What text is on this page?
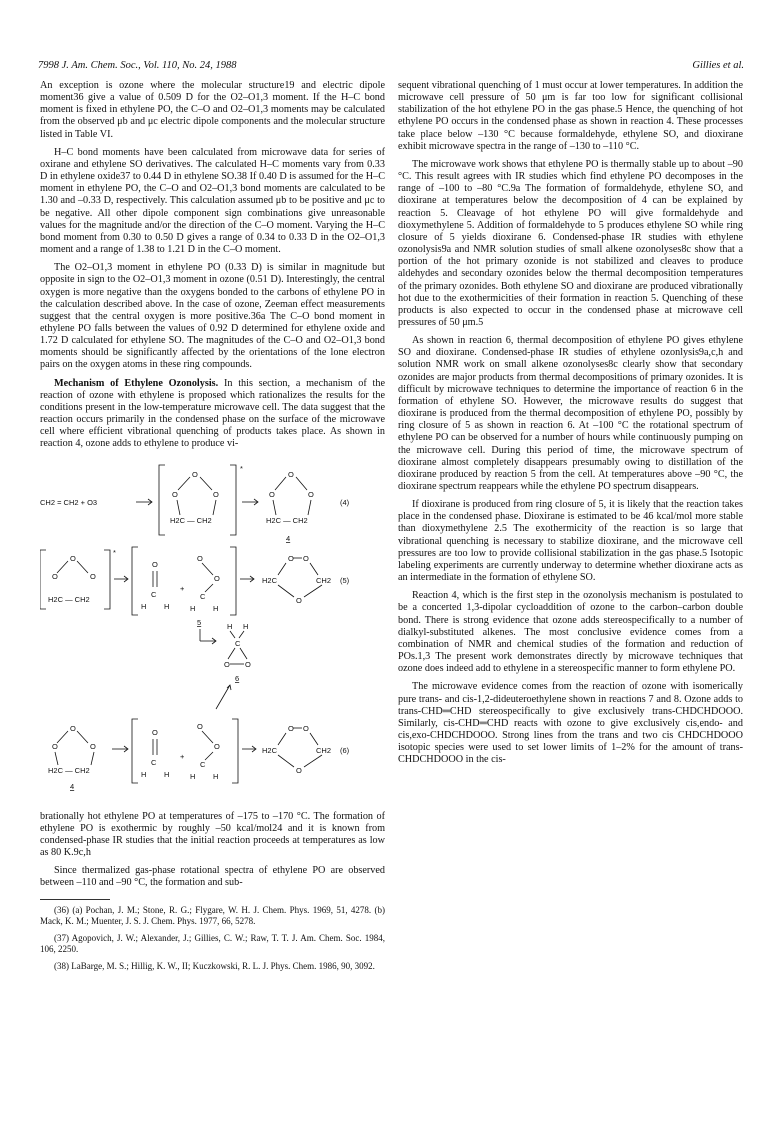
7998 J. Am. Chem. Soc., Vol. 110, No. 24, 1988	Gillies et al.

An exception is ozone where the molecular structure19 and electric dipole moment36 give a value of 0.509 D for the O2–O1,3 moment. If the H–C bond moment is fixed in ethylene PO, the C–O and O2–O1,3 moments may be calculated from the observed μb and μc electric dipole components and the molecular structure listed in Table VI.

H–C bond moments have been calculated from microwave data for series of oxirane and ethylene SO derivatives. The calculated H–C moments vary from 0.33 D in ethylene oxide37 to 0.44 D in ethylene SO.38 If 0.40 D is assumed for the H–C moment in ethylene PO, the C–O and O2–O1,3 bond moments are calculated to be 1.30 and –0.33 D, respectively. This calculation assumed μb to be positive and μc to be negative. All other dipole component sign combinations give unreasonable values for the magnitude and/or the direction of the C–O moment. Varying the H–C bond moment from 0.30 to 0.50 D gives a range of 0.34 to 0.33 D in the O2–O1,3 moment and a range of 1.38 to 1.21 D in the C–O moment.

The O2–O1,3 moment in ethylene PO (0.33 D) is similar in magnitude but opposite in sign to the O2–O1,3 moment in ozone (0.51 D). Interestingly, the central oxygen is more negative than the oxygens bonded to the carbons of ethylene PO in the calculation described above. In the case of ozone, Zeeman effect measurements suggest that the central oxygen is more positive.36a The C–O bond moment in ethylene PO falls between the values of 0.92 D determined for ethylene oxide and 1.72 D calculated for ethylene SO. The magnitudes of the C–O and O2–O1,3 bond moments should be significantly affected by the orientations of the lone electron pairs on the oxygen atoms in these ring compounds.

Mechanism of Ethylene Ozonolysis. In this section, a mechanism of the reaction of ozone with ethylene is proposed which rationalizes the results for the conditions present in the low-temperature microwave cell. The data suggest that the reaction occurs primarily in the condensed phase on the surface of the microwave cell where efficient vibrational quenching of products takes place. As shown in reaction 4, ozone adds to ethylene to produce vi-

CH2 = CH2 + O3
*
O
O	O
H2C — CH2
O
O	O
H2C — CH2
4
(4)
*
O
O	O
H2C — CH2
O
C
H H
+
O
O
C
H H
O O
H2C	CH2
O
(5)
5	H H
C
O O
6
O
O	O
H2C — CH2
4
O
C
H H
+
O
O
C
H H
O O
H2C	CH2
O
(6)

brationally hot ethylene PO at temperatures of –175 to –170 °C. The formation of ethylene PO is exothermic by roughly –50 kcal/mol24 and it is known from condensed-phase IR studies that the initial reaction proceeds at temperatures as low as 80 K.9c,h

Since thermalized gas-phase rotational spectra of ethylene PO are observed between –110 and –90 °C, the formation and sub-

(36) (a) Pochan, J. M.; Stone, R. G.; Flygare, W. H. J. Chem. Phys. 1969, 51, 4278. (b) Mack, K. M.; Muenter, J. S. J. Chem. Phys. 1977, 66, 5278.

(37) Agopovich, J. W.; Alexander, J.; Gillies, C. W.; Raw, T. T. J. Am. Chem. Soc. 1984, 106, 2250.

(38) LaBarge, M. S.; Hillig, K. W., II; Kuczkowski, R. L. J. Phys. Chem. 1986, 90, 3092.

sequent vibrational quenching of 1 must occur at lower temperatures. In addition the microwave cell pressure of 50 μm is far too low for significant collisional stabilization of the hot ethylene PO in the gas phase.5 Hence, the quenching of hot ethylene PO occurs in the condensed phase as shown in reaction 4. These processes take place below –130 °C because formaldehyde, ethylene SO, and dioxirane exhibit microwave spectra in the range of –130 to –110 °C.

The microwave work shows that ethylene PO is thermally stable up to about –90 °C. This result agrees with IR studies which find ethylene PO decomposes in the range of –100 to –80 °C.9a The formation of formaldehyde, ethylene SO, and dioxirane at temperatures below the decomposition of 4 can be explained by reaction 5. Cleavage of hot ethylene PO will give formaldehyde and dioxymethylene 5. Addition of formaldehyde to 5 produces ethylene SO while ring closure of 5 yields dioxirane 6. Condensed-phase IR studies with ethylene ozonolysis9a and NMR solution studies of small alkene ozonolyses8c show that a portion of the hot primary ozonide is not stabilized and cleaves to produce aldehydes and secondary ozonides below the thermal decomposition temperatures of the primary ozonides. Both ethylene SO and dioxirane are produced vibrationally hot due to the exothermicities of their formation in reaction 5. Quenching of these products is also expected to occur in the condensed phase at microwave cell pressures of 50 μm.5

As shown in reaction 6, thermal decomposition of ethylene PO gives ethylene SO and dioxirane. Condensed-phase IR studies of ethylene ozonlysis9a,c,h and solution NMR work on small alkene ozonolyses8c clearly show that secondary ozonides are major products from thermal decompositions of primary ozonides. It is difficult by microwave techniques to determine the importance of reaction 6 in the formation of ethylene SO. However, the microwave results do suggest that dioxirane is produced from the thermal decomposition of ethylene PO, possibly by ring closure of 5 as shown in reaction 6. At –100 °C the rotational spectrum of ethylene PO can be observed for a number of hours while continuously pumping on the microwave cell. During this period of time, the microwave spectrum of dioxirane almost completely disappears presumably owing to distillation of the dioxirane produced by reaction 5 from the cell. At temperatures above –90 °C, the dioxirane spectrum reappears while the ethylene PO spectrum disappears.

If dioxirane is produced from ring closure of 5, it is likely that the reaction takes place in the condensed phase. Dioxirane is estimated to be 46 kcal/mol more stable than dioxymethylene 2.5 The exothermicity of the reaction is so large that vibrational quenching is necessary to stabilize dioxirane, and the microwave cell pressures are too low to provide collisional stabilization in the gas phase.5 Isotopic labeling experiments are currently underway to determine whether dioxirane acts as an intermediate in the formation of ethylene SO.

Reaction 4, which is the first step in the ozonolysis mechanism is postulated to be a concerted 1,3-dipolar cycloaddition of ozone to the carbon–carbon double bond. There is strong evidence that ozone adds stereospecifically to a number of dialkyl-substituted alkenes. The most conclusive evidence comes from a combination of NMR and chemical studies of the formation and reduction of POs.1,3 The present work demonstrates directly by microwave techniques that ozone does indeed add to ethylene in a stereospecific manner to form ethylene PO.

The microwave evidence comes from the reaction of ozone with isomerically pure trans- and cis-1,2-dideuteroethylene shown in reactions 7 and 8. Ozone adds to trans-CHD═CHD stereospecifically to give exclusively trans-CHDCHDOOO. Similarly, cis-CHD═CHD reacts with ozone to give exclusively cis,endo- and cis,exo-CHDCHDOOO. Strong lines from the trans and two cis CHDCHDOOO isotopic species were used to set lower limits of 1–2% for the amount of trans-CHDCHDOOO in the cis-
